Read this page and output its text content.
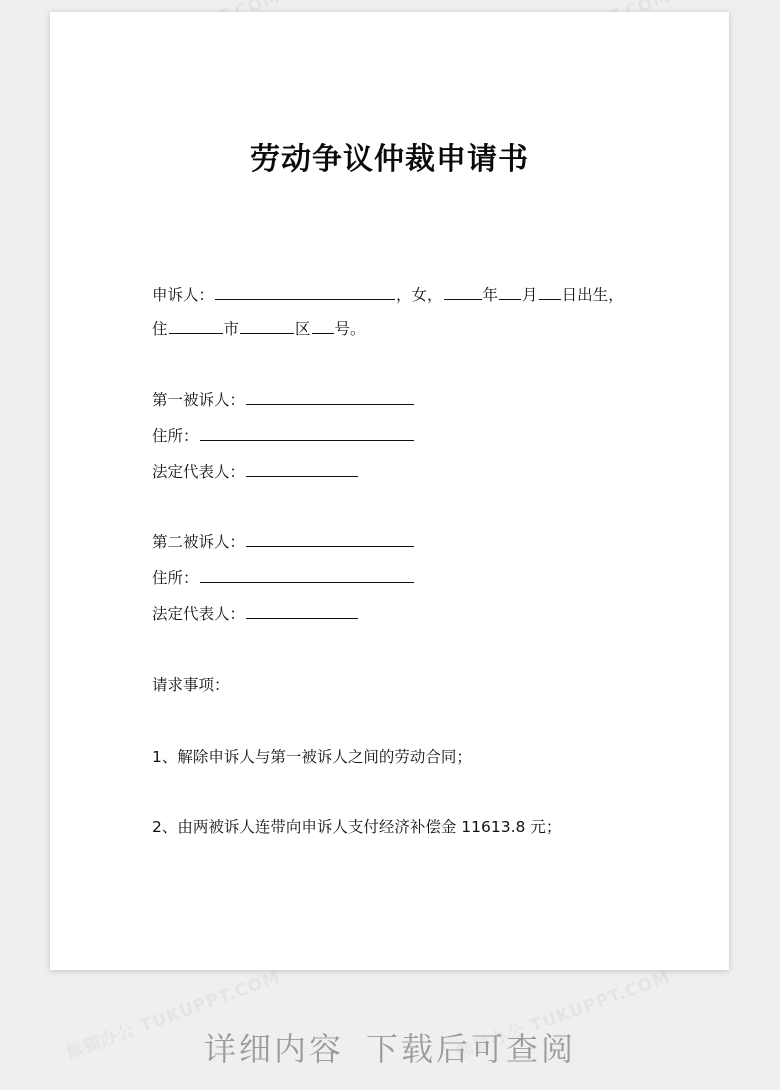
劳动争议仲裁申请书
申诉人：	，女，	年 月 日出生，
住	市	区 号。
第一被诉人：
住所：
法定代表人：
第二被诉人：
住所：
法定代表人：
请求事项：
1、解除申诉人与第一被诉人之间的劳动合同；
2、由两被诉人连带向申诉人支付经济补偿金 11613.8 元；
详细内容 下载后可查阅
